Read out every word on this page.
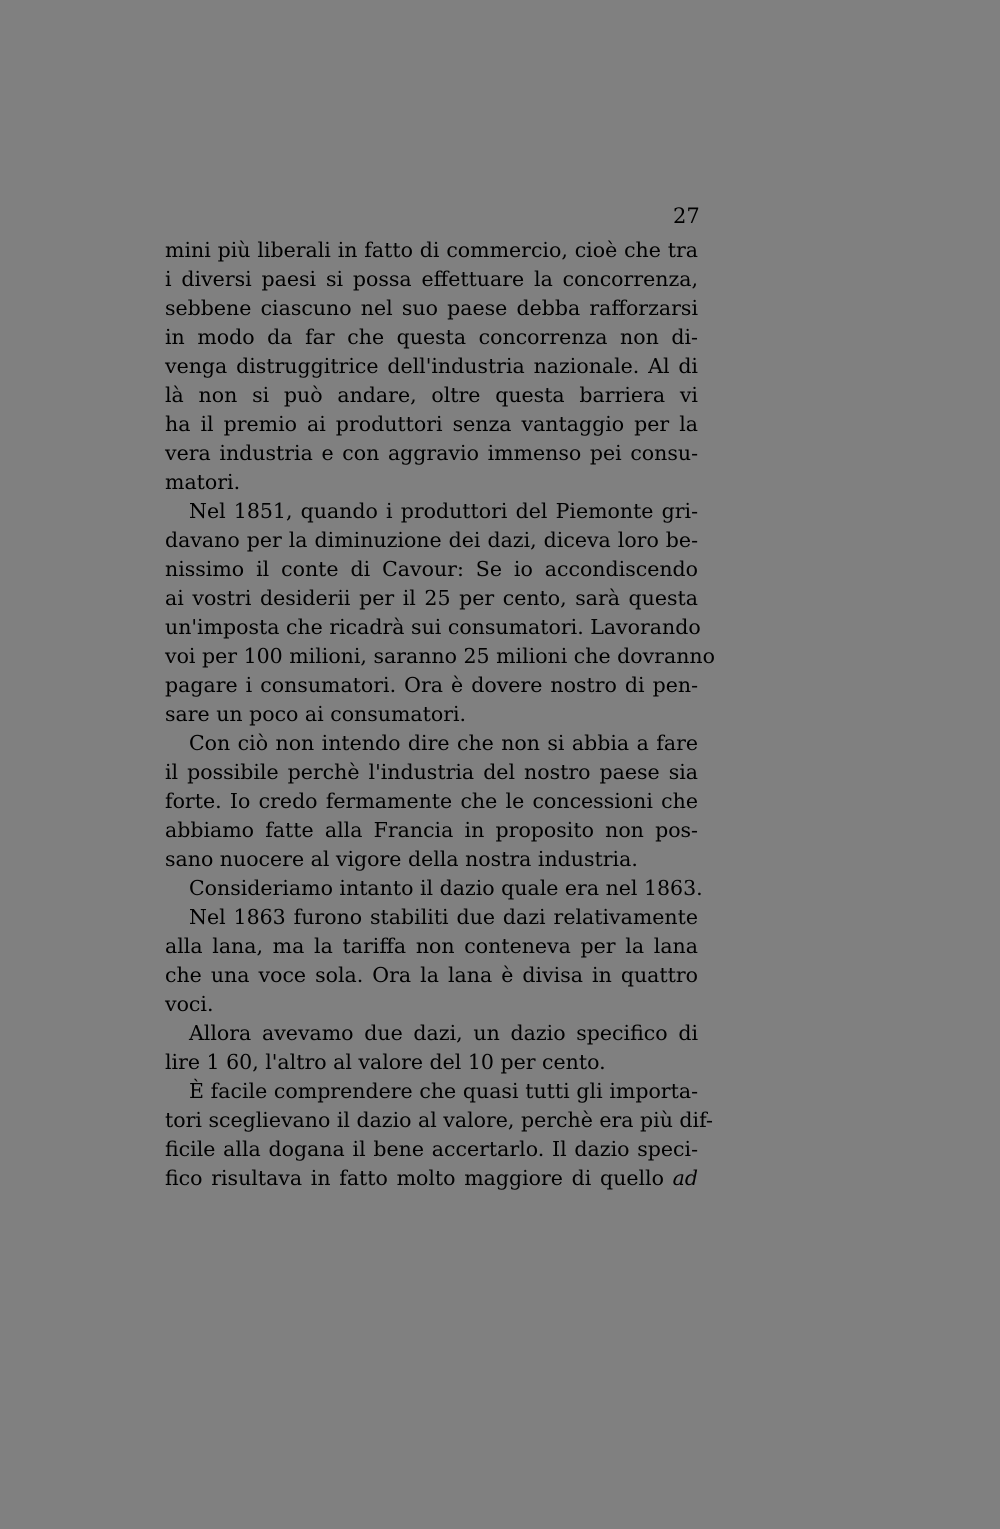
27
mini più liberali in fatto di commercio, cioè che tra
i diversi paesi si possa effettuare la concorrenza,
sebbene ciascuno nel suo paese debba rafforzarsi
in modo da far che questa concorrenza non di-
venga distruggitrice dell'industria nazionale. Al di
là non si può andare, oltre questa barriera vi
ha il premio ai produttori senza vantaggio per la
vera industria e con aggravio immenso pei consu-
matori.
Nel 1851, quando i produttori del Piemonte gri-
davano per la diminuzione dei dazi, diceva loro be-
nissimo il conte di Cavour: Se io accondiscendo
ai vostri desiderii per il 25 per cento, sarà questa
un'imposta che ricadrà sui consumatori. Lavorando
voi per 100 milioni, saranno 25 milioni che dovranno
pagare i consumatori. Ora è dovere nostro di pen-
sare un poco ai consumatori.
Con ciò non intendo dire che non si abbia a fare
il possibile perchè l'industria del nostro paese sia
forte. Io credo fermamente che le concessioni che
abbiamo fatte alla Francia in proposito non pos-
sano nuocere al vigore della nostra industria.
Consideriamo intanto il dazio quale era nel 1863.
Nel 1863 furono stabiliti due dazi relativamente
alla lana, ma la tariffa non conteneva per la lana
che una voce sola. Ora la lana è divisa in quattro
voci.
Allora avevamo due dazi, un dazio specifico di
lire 1 60, l'altro al valore del 10 per cento.
È facile comprendere che quasi tutti gli importa-
tori sceglievano il dazio al valore, perchè era più dif-
ficile alla dogana il bene accertarlo. Il dazio speci-
fico risultava in fatto molto maggiore di quello ad
